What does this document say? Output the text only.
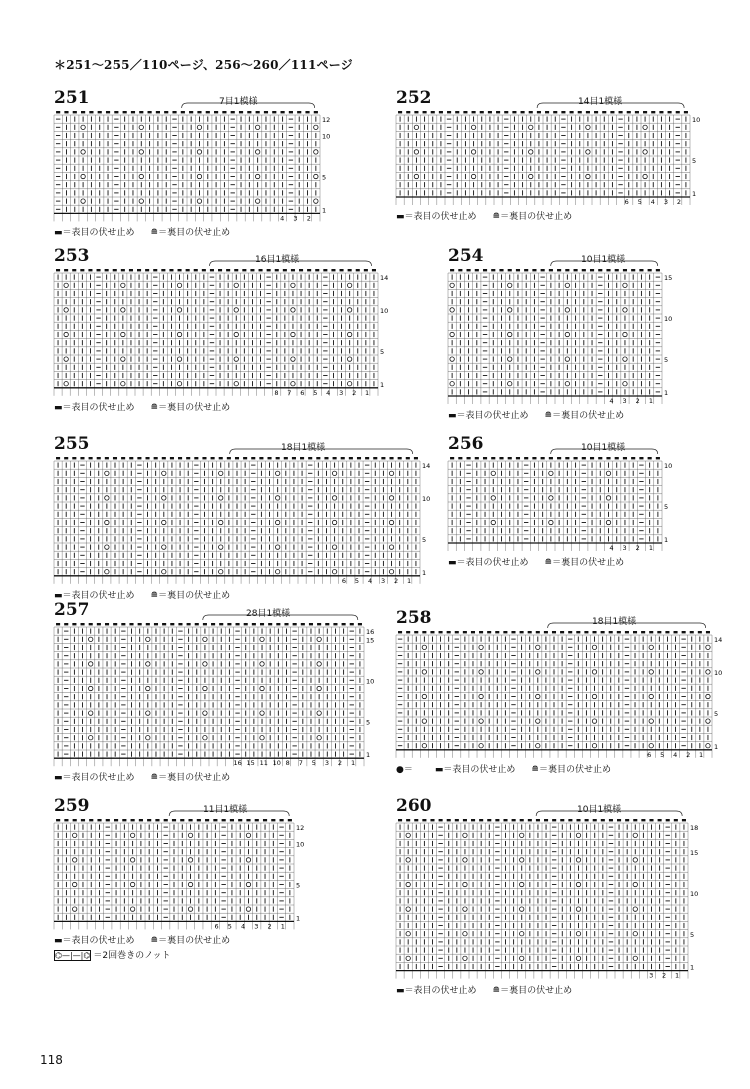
＊251～255／110ページ、256～260／111ページ
251	7目1模様
12
10
5
1
2
3
4
▬＝表目の伏せ止め ≘＝裏目の伏せ止め
252	14目1模様
10
5
1
2
3
4
5
6
▬＝表目の伏せ止め ≘＝裏目の伏せ止め
253	16目1模様
14
10
5
1
1
2
3
4
5
6
7
8
▬＝表目の伏せ止め ≘＝裏目の伏せ止め
254	10目1模様
15
10
5
1
1
2
3
4
▬＝表目の伏せ止め ≘＝裏目の伏せ止め
255	18目1模様
14
10
5
1
1
2
3
4
5
6
▬＝表目の伏せ止め ≘＝裏目の伏せ止め
256	10目1模様
10
5
1
1
2
3
4
▬＝表目の伏せ止め ≘＝裏目の伏せ止め
257	28目1模様
16
15
10
5
1
1
2
3
5
7
8
10
11
15
16
▬＝表目の伏せ止め ≘＝裏目の伏せ止め
258	18目1模様
14
10
5
1
1
2
4
5
6
●＝ ▬＝表目の伏せ止め ≘＝裏目の伏せ止め
259	11目1模様
12
10
5
1
1
2
3
4
5
6
▬＝表目の伏せ止め ≘＝裏目の伏せ止め
⌬—|—|⌬ ＝2回巻きのノット
260	10目1模様
18
15
10
5
1
1
2
3
▬＝表目の伏せ止め ≘＝裏目の伏せ止め
118
